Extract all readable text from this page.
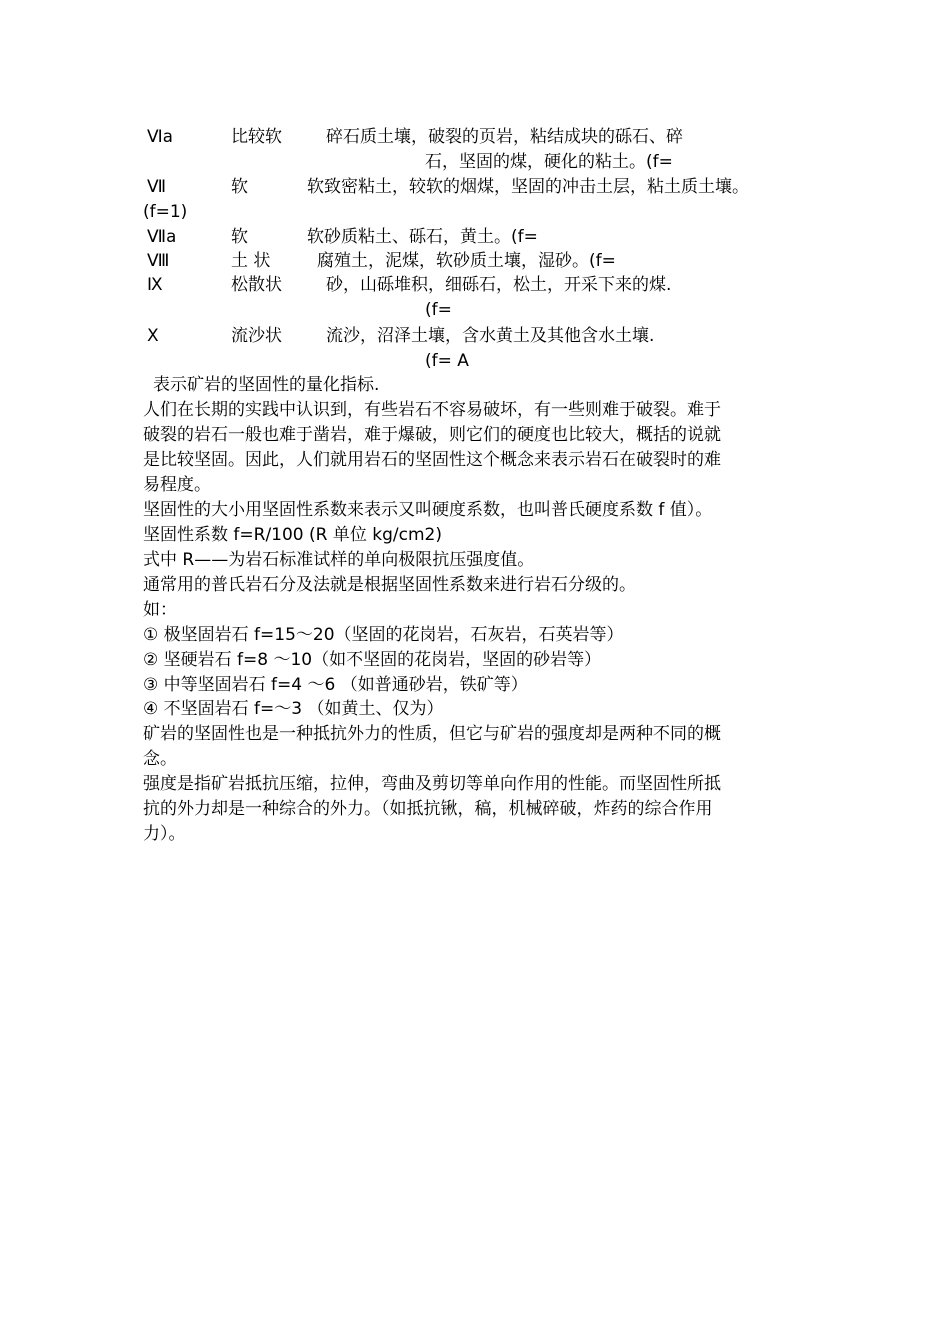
Ⅵa	比较软	碎石质土壤，破裂的页岩，粘结成块的砾石、碎
石，坚固的煤，硬化的粘土。(f=
Ⅶ	软	软致密粘土，较软的烟煤，坚固的冲击土层，粘土质土壤。
(f=1)
Ⅶa	软	软砂质粘土、砾石，黄土。(f=
Ⅷ	土 状	腐殖土，泥煤，软砂质土壤，湿砂。(f=
Ⅸ	松散状	砂，山砾堆积，细砾石，松土，开采下来的煤.
(f=
Ⅹ	流沙状	流沙，沼泽土壤，含水黄土及其他含水土壤.
(f= A
表示矿岩的坚固性的量化指标.
人们在长期的实践中认识到，有些岩石不容易破坏，有一些则难于破裂。难于
破裂的岩石一般也难于凿岩，难于爆破，则它们的硬度也比较大，概括的说就
是比较坚固。因此，人们就用岩石的坚固性这个概念来表示岩石在破裂时的难
易程度。
坚固性的大小用坚固性系数来表示又叫硬度系数，也叫普氏硬度系数 f 值）。
坚固性系数 f=R/100 (R 单位 kg/cm2)
式中 R——为岩石标准试样的单向极限抗压强度值。
通常用的普氏岩石分及法就是根据坚固性系数来进行岩石分级的。
如：
① 极坚固岩石 f=15～20（坚固的花岗岩，石灰岩，石英岩等）
② 坚硬岩石 f=8 ～10（如不坚固的花岗岩，坚固的砂岩等）
③ 中等坚固岩石 f=4 ～6 （如普通砂岩，铁矿等）
④ 不坚固岩石 f=～3 （如黄土、仅为）
矿岩的坚固性也是一种抵抗外力的性质，但它与矿岩的强度却是两种不同的概
念。
强度是指矿岩抵抗压缩，拉伸，弯曲及剪切等单向作用的性能。而坚固性所抵
抗的外力却是一种综合的外力。（如抵抗锹，稿，机械碎破，炸药的综合作用
力）。
